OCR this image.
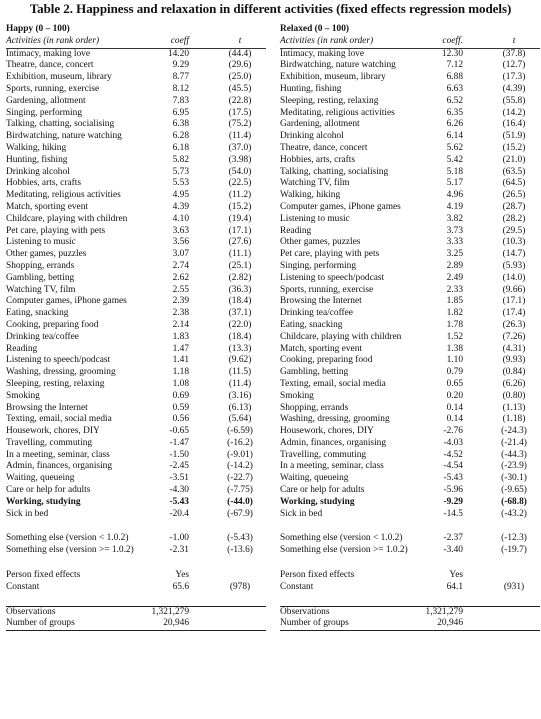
Table 2. Happiness and relaxation in different activities (fixed effects regression models)
Happy (0 – 100)
Activities (in rank order)	coeff	t
Intimacy, making love	14.20	(44.4)
Theatre, dance, concert	9.29	(29.6)
Exhibition, museum, library	8.77	(25.0)
Sports, running, exercise	8.12	(45.5)
Gardening, allotment	7.83	(22.8)
Singing, performing	6.95	(17.5)
Talking, chatting, socialising	6.38	(75.2)
Birdwatching, nature watching	6.28	(11.4)
Walking, hiking	6.18	(37.0)
Hunting, fishing	5.82	(3.98)
Drinking alcohol	5.73	(54.0)
Hobbies, arts, crafts	5.53	(22.5)
Meditating, religious activities	4.95	(11.2)
Match, sporting event	4.39	(15.2)
Childcare, playing with children	4.10	(19.4)
Pet care, playing with pets	3.63	(17.1)
Listening to music	3.56	(27.6)
Other games, puzzles	3.07	(11.1)
Shopping, errands	2.74	(25.1)
Gambling, betting	2.62	(2.82)
Watching TV, film	2.55	(36.3)
Computer games, iPhone games	2.39	(18.4)
Eating, snacking	2.38	(37.1)
Cooking, preparing food	2.14	(22.0)
Drinking tea/coffee	1.83	(18.4)
Reading	1.47	(13.3)
Listening to speech/podcast	1.41	(9.62)
Washing, dressing, grooming	1.18	(11.5)
Sleeping, resting, relaxing	1.08	(11.4)
Smoking	0.69	(3.16)
Browsing the Internet	0.59	(6.13)
Texting, email, social media	0.56	(5.64)
Housework, chores, DIY	-0.65	(-6.59)
Travelling, commuting	-1.47	(-16.2)
In a meeting, seminar, class	-1.50	(-9.01)
Admin, finances, organising	-2.45	(-14.2)
Waiting, queueing	-3.51	(-22.7)
Care or help for adults	-4.30	(-7.75)
Working, studying	-5.43	(-44.0)
Sick in bed	-20.4	(-67.9)
Something else (version < 1.0.2)	-1.00	(-5.43)
Something else (version >= 1.0.2)	-2.31	(-13.6)
Person fixed effects	Yes
Constant	65.6	(978)
Observations	1,321,279
Number of groups	20,946
Relaxed (0 – 100)
Activities (in rank order)	coeff.	t
Intimacy, making love	12.30	(37.8)
Birdwatching, nature watching	7.12	(12.7)
Exhibition, museum, library	6.88	(17.3)
Hunting, fishing	6.63	(4.39)
Sleeping, resting, relaxing	6.52	(55.8)
Meditating, religious activities	6.35	(14.2)
Gardening, allotment	6.26	(16.4)
Drinking alcohol	6.14	(51.9)
Theatre, dance, concert	5.62	(15.2)
Hobbies, arts, crafts	5.42	(21.0)
Talking, chatting, socialising	5.18	(63.5)
Watching TV, film	5.17	(64.5)
Walking, hiking	4.96	(26.5)
Computer games, iPhone games	4.19	(28.7)
Listening to music	3.82	(28.2)
Reading	3.73	(29.5)
Other games, puzzles	3.33	(10.3)
Pet care, playing with pets	3.25	(14.7)
Singing, performing	2.89	(5.93)
Listening to speech/podcast	2.49	(14.0)
Sports, running, exercise	2.33	(9.66)
Browsing the Internet	1.85	(17.1)
Drinking tea/coffee	1.82	(17.4)
Eating, snacking	1.78	(26.3)
Childcare, playing with children	1.52	(7.26)
Match, sporting event	1.38	(4.31)
Cooking, preparing food	1.10	(9.93)
Gambling, betting	0.79	(0.84)
Texting, email, social media	0.65	(6.26)
Smoking	0.20	(0.80)
Shopping, errands	0.14	(1.13)
Washing, dressing, grooming	0.14	(1.18)
Housework, chores, DIY	-2.76	(-24.3)
Admin, finances, organising	-4.03	(-21.4)
Travelling, commuting	-4.52	(-44.3)
In a meeting, seminar, class	-4.54	(-23.9)
Waiting, queueing	-5.43	(-30.1)
Care or help for adults	-5.96	(-9.65)
Working, studying	-9.29	(-68.8)
Sick in bed	-14.5	(-43.2)
Something else (version < 1.0.2)	-2.37	(-12.3)
Something else (version >= 1.0.2)	-3.40	(-19.7)
Person fixed effects	Yes
Constant	64.1	(931)
Observations	1,321,279
Number of groups	20,946
